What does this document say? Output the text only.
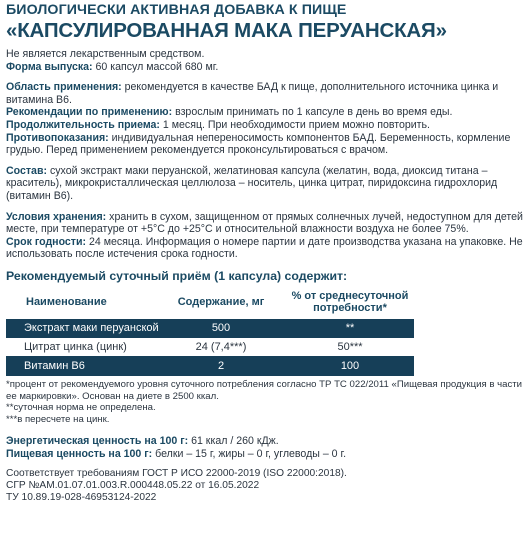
БИОЛОГИЧЕСКИ АКТИВНАЯ ДОБАВКА К ПИЩЕ
«КАПСУЛИРОВАННАЯ МАКА ПЕРУАНСКАЯ»
Не является лекарственным средством.
Форма выпуска: 60 капсул массой 680 мг.
Область применения: рекомендуется в качестве БАД к пище, дополнительного источника цинка и витамина В6.
Рекомендации по применению: взрослым принимать по 1 капсуле в день во время еды.
Продолжительность приема: 1 месяц. При необходимости прием можно повторить.
Противопоказания: индивидуальная непереносимость компонентов БАД. Беременность, кормление грудью. Перед применением рекомендуется проконсультироваться с врачом.
Состав: сухой экстракт маки перуанской, желатиновая капсула (желатин, вода, диоксид титана – краситель), микрокристаллическая целлюлоза – носитель, цинка цитрат, пиридоксина гидрохлорид (витамин В6).
Условия хранения: хранить в сухом, защищенном от прямых солнечных лучей, недоступном для детей месте, при температуре от +5°С до +25°С и относительной влажности воздуха не более 75%.
Срок годности: 24 месяца. Информация о номере партии и дате производства указана на упаковке. Не использовать после истечения срока годности.
Рекомендуемый суточный приём (1 капсула) содержит:
Наименование	Содержание, мг	% от среднесуточной потребности*
Экстракт маки перуанской	500	**
Цитрат цинка (цинк)	24 (7,4***)	50***
Витамин В6	2	100
*процент от рекомендуемого уровня суточного потребления согласно ТР ТС 022/2011 «Пищевая продукция в части ее маркировки». Основан на диете в 2500 ккал.
**суточная норма не определена.
***в пересчете на цинк.
Энергетическая ценность на 100 г: 61 ккал / 260 кДж.
Пищевая ценность на 100 г: белки – 15 г, жиры – 0 г, углеводы – 0 г.
Соответствует требованиям ГОСТ Р ИСО 22000-2019 (ISO 22000:2018).
СГР №AM.01.07.01.003.R.000448.05.22 от 16.05.2022
ТУ 10.89.19-028-46953124-2022
